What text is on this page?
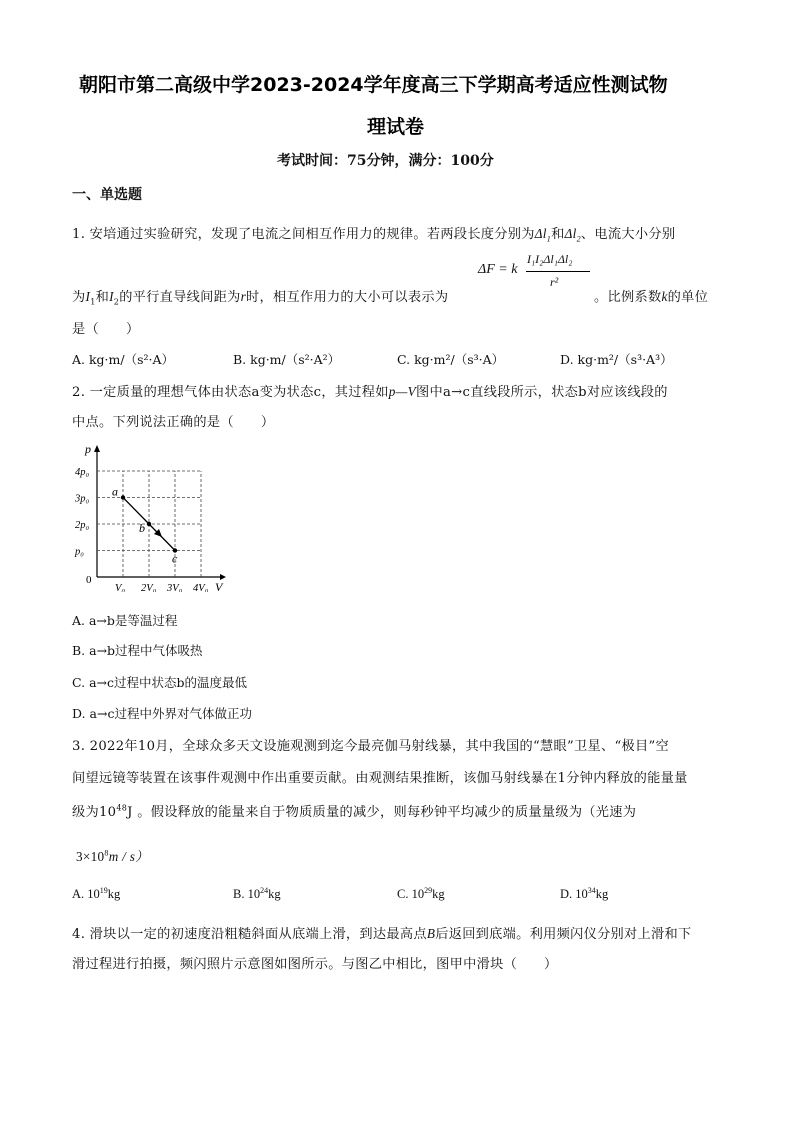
朝阳市第二高级中学2023-2024学年度高三下学期高考适应性测试物
理试卷
考试时间：75分钟，满分：100分
一、单选题
1. 安培通过实验研究，发现了电流之间相互作用力的规律。若两段长度分别为$\Delta l_1$和$\Delta l_2$、电流大小分别
为$I_1$和$I_2$的平行直导线间距为r时，相互作用力的大小可以表示为
ΔF = k
I₁I₂Δl₁Δl₂
r²
。比例系数k的单位
是（　　）
A. kg·m/（s²·A）	B. kg·m/（s²·A²）	C. kg·m²/（s³·A）	D. kg·m²/（s³·A³）
2. 一定质量的理想气体由状态a变为状态c，其过程如p—V图中a→c直线段所示，状态b对应该线段的
中点。下列说法正确的是（　　）
a
b
c
p
V
0
4p₀
3p₀
2p₀
p₀
V₀ 2V₀ 3V₀ 4V₀
A. a→b是等温过程
B. a→b过程中气体吸热
C. a→c过程中状态b的温度最低
D. a→c过程中外界对气体做正功
3. 2022年10月，全球众多天文设施观测到迄今最亮伽马射线暴，其中我国的“慧眼”卫星、“极目”空
间望远镜等装置在该事件观测中作出重要贡献。由观测结果推断，该伽马射线暴在1分钟内释放的能量量
级为$10^{48}J$ 。假设释放的能量来自于物质质量的减少，则每秒钟平均减少的质量量级为（光速为
$3\times 10^8m / s$）
A. $10^{19}kg$	B. $10^{24}kg$	C. $10^{29}kg$	D. $10^{34}kg$
4. 滑块以一定的初速度沿粗糙斜面从底端上滑，到达最高点B后返回到底端。利用频闪仪分别对上滑和下
滑过程进行拍摄，频闪照片示意图如图所示。与图乙中相比，图甲中滑块（　　）
